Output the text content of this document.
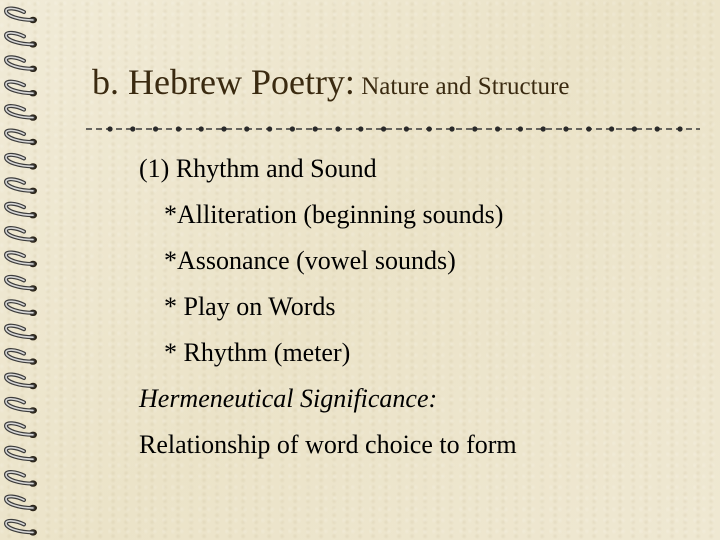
b. Hebrew Poetry: Nature and Structure
(1) Rhythm and Sound
*Alliteration (beginning sounds)
*Assonance (vowel sounds)
* Play on Words
* Rhythm (meter)
Hermeneutical Significance:
Relationship of word choice to form
